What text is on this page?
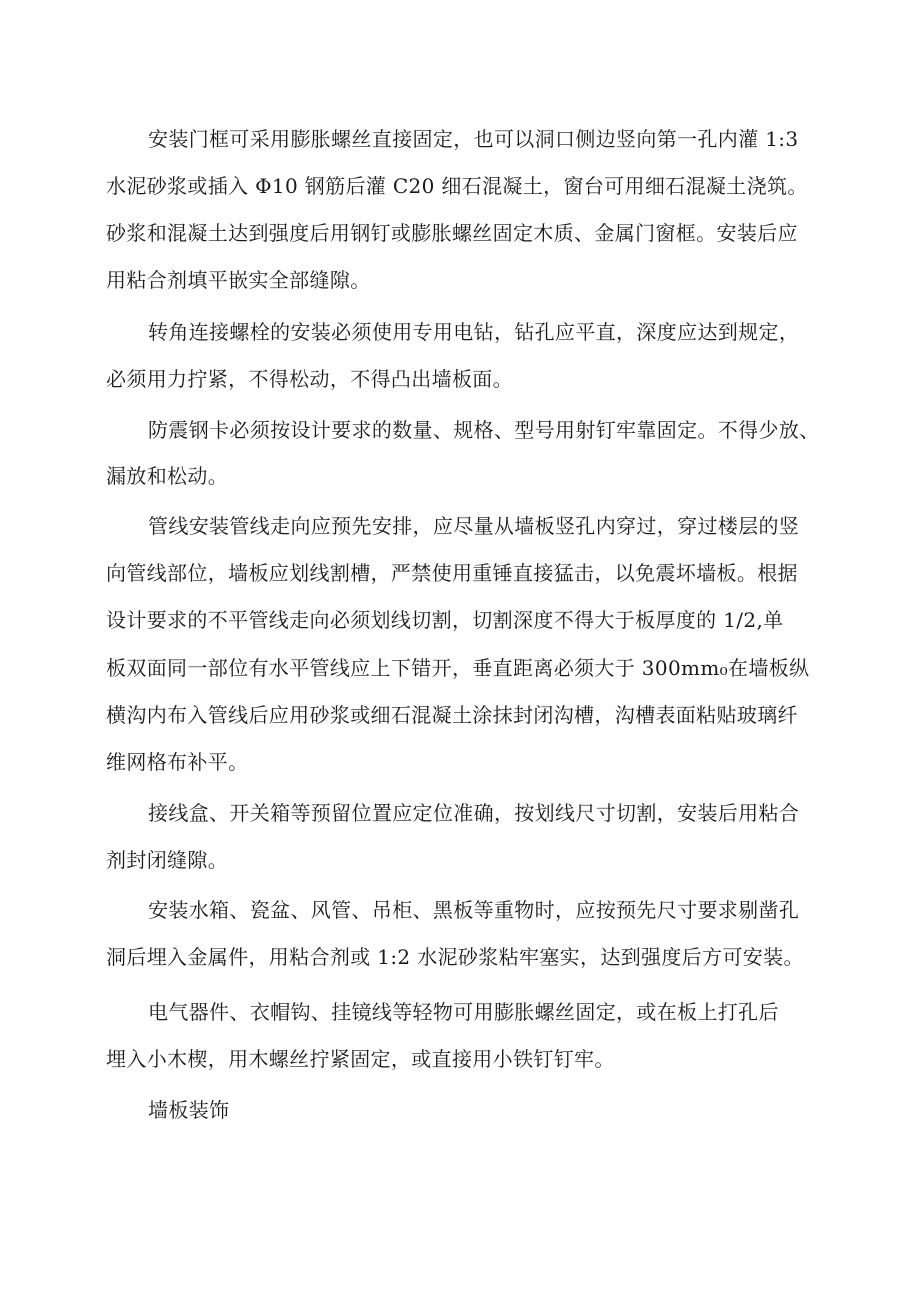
安装门框可采用膨胀螺丝直接固定，也可以洞口侧边竖向第一孔内灌 1:3
水泥砂浆或插入 Φ10 钢筋后灌 C20 细石混凝土，窗台可用细石混凝土浇筑。
砂浆和混凝土达到强度后用钢钉或膨胀螺丝固定木质、金属门窗框。安装后应
用粘合剂填平嵌实全部缝隙。
转角连接螺栓的安装必须使用专用电钻，钻孔应平直，深度应达到规定，
必须用力拧紧，不得松动，不得凸出墙板面。
防震钢卡必须按设计要求的数量、规格、型号用射钉牢靠固定。不得少放、
漏放和松动。
管线安装管线走向应预先安排，应尽量从墙板竖孔内穿过，穿过楼层的竖
向管线部位，墙板应划线割槽，严禁使用重锤直接猛击，以免震坏墙板。根据
设计要求的不平管线走向必须划线切割，切割深度不得大于板厚度的 1/2,单
板双面同一部位有水平管线应上下错开，垂直距离必须大于 300mm₀在墙板纵
横沟内布入管线后应用砂浆或细石混凝土涂抹封闭沟槽，沟槽表面粘贴玻璃纤
维网格布补平。
接线盒、开关箱等预留位置应定位准确，按划线尺寸切割，安装后用粘合
剂封闭缝隙。
安装水箱、瓷盆、风管、吊柜、黑板等重物时，应按预先尺寸要求剔凿孔
洞后埋入金属件，用粘合剂或 1:2 水泥砂浆粘牢塞实，达到强度后方可安装。
电气器件、衣帽钩、挂镜线等轻物可用膨胀螺丝固定，或在板上打孔后
埋入小木楔，用木螺丝拧紧固定，或直接用小铁钉钉牢。
墙板装饰
